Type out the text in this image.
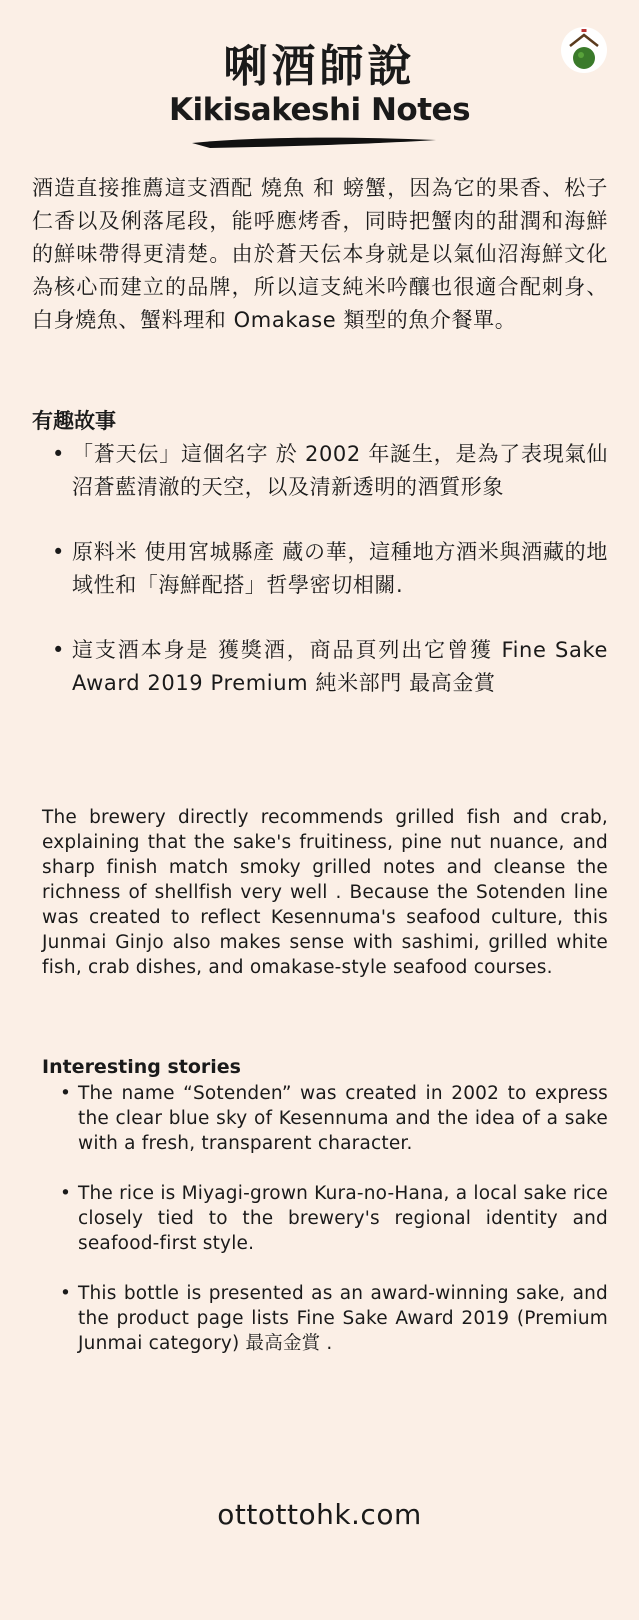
唎酒師說
Kikisakeshi Notes
酒造直接推薦這支酒配 燒魚 和 螃蟹，因為它的果香、松子仁香以及俐落尾段，能呼應烤香，同時把蟹肉的甜潤和海鮮的鮮味帶得更清楚。由於蒼天伝本身就是以氣仙沼海鮮文化為核心而建立的品牌，所以這支純米吟釀也很適合配刺身、白身燒魚、蟹料理和 Omakase 類型的魚介餐單。
有趣故事
• 「蒼天伝」這個名字 於 2002 年誕生，是為了表現氣仙沼蒼藍清澈的天空，以及清新透明的酒質形象
• 原料米 使用宮城縣產 蔵の華，這種地方酒米與酒藏的地域性和「海鮮配搭」哲學密切相關.
• 這支酒本身是 獲獎酒，商品頁列出它曾獲 Fine Sake Award 2019 Premium 純米部門 最高金賞
The brewery directly recommends grilled fish and crab, explaining that the sake's fruitiness, pine nut nuance, and sharp finish match smoky grilled notes and cleanse the richness of shellfish very well . Because the Sotenden line was created to reflect Kesennuma's seafood culture, this Junmai Ginjo also makes sense with sashimi, grilled white fish, crab dishes, and omakase-style seafood courses.
Interesting stories
• The name “Sotenden” was created in 2002 to express the clear blue sky of Kesennuma and the idea of a sake with a fresh, transparent character.
• The rice is Miyagi-grown Kura-no-Hana, a local sake rice closely tied to the brewery's regional identity and seafood-first style.
• This bottle is presented as an award-winning sake, and the product page lists Fine Sake Award 2019 (Premium Junmai category) 最高金賞 .
ottottohk.com
